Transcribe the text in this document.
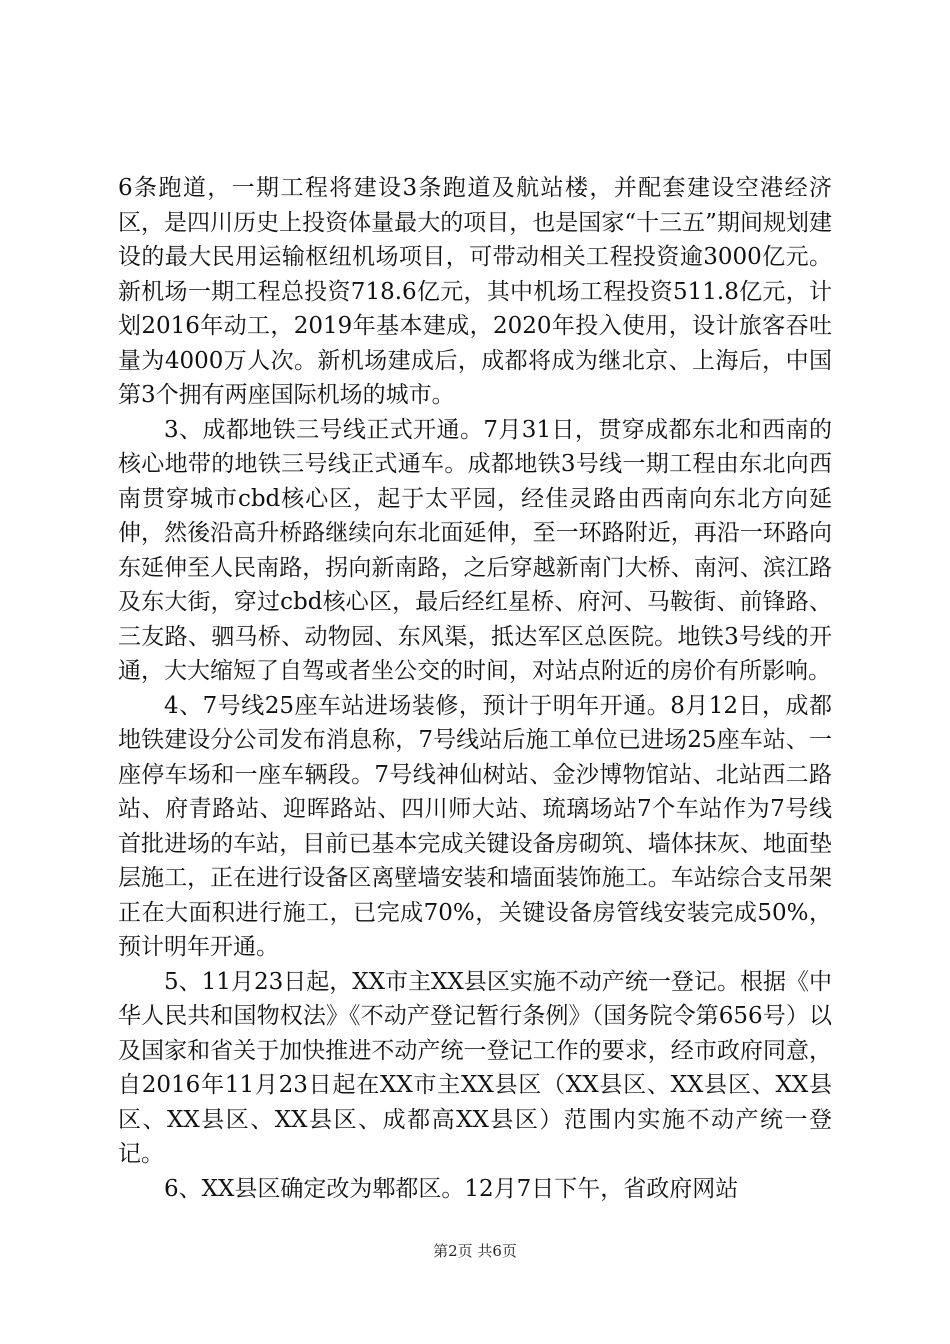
6条跑道，一期工程将建设3条跑道及航站楼，并配套建设空港经济区，是四川历史上投资体量最大的项目，也是国家“十三五”期间规划建设的最大民用运输枢纽机场项目，可带动相关工程投资逾3000亿元。新机场一期工程总投资718.6亿元，其中机场工程投资511.8亿元，计划2016年动工，2019年基本建成，2020年投入使用，设计旅客吞吐量为4000万人次。新机场建成后，成都将成为继北京、上海后，中国第3个拥有两座国际机场的城市。

3、成都地铁三号线正式开通。7月31日，贯穿成都东北和西南的核心地带的地铁三号线正式通车。成都地铁3号线一期工程由东北向西南贯穿城市cbd核心区，起于太平园，经佳灵路由西南向东北方向延伸，然後沿高升桥路继续向东北面延伸，至一环路附近，再沿一环路向东延伸至人民南路，拐向新南路，之后穿越新南门大桥、南河、滨江路及东大街，穿过cbd核心区，最后经红星桥、府河、马鞍街、前锋路、三友路、驷马桥、动物园、东风渠，抵达军区总医院。地铁3号线的开通，大大缩短了自驾或者坐公交的时间，对站点附近的房价有所影响。

4、7号线25座车站进场装修，预计于明年开通。8月12日，成都地铁建设分公司发布消息称，7号线站后施工单位已进场25座车站、一座停车场和一座车辆段。7号线神仙树站、金沙博物馆站、北站西二路站、府青路站、迎晖路站、四川师大站、琉璃场站7个车站作为7号线首批进场的车站，目前已基本完成关键设备房砌筑、墙体抹灰、地面垫层施工，正在进行设备区离壁墙安装和墙面装饰施工。车站综合支吊架正在大面积进行施工，已完成70%，关键设备房管线安装完成50%，预计明年开通。

5、11月23日起，XX市主XX县区实施不动产统一登记。根据《中华人民共和国物权法》《不动产登记暂行条例》（国务院令第656号）以及国家和省关于加快推进不动产统一登记工作的要求，经市政府同意，自2016年11月23日起在XX市主XX县区（XX县区、XX县区、XX县区、XX县区、XX县区、成都高XX县区）范围内实施不动产统一登记。

6、XX县区确定改为郫都区。12月7日下午，省政府网站

第2页 共6页
